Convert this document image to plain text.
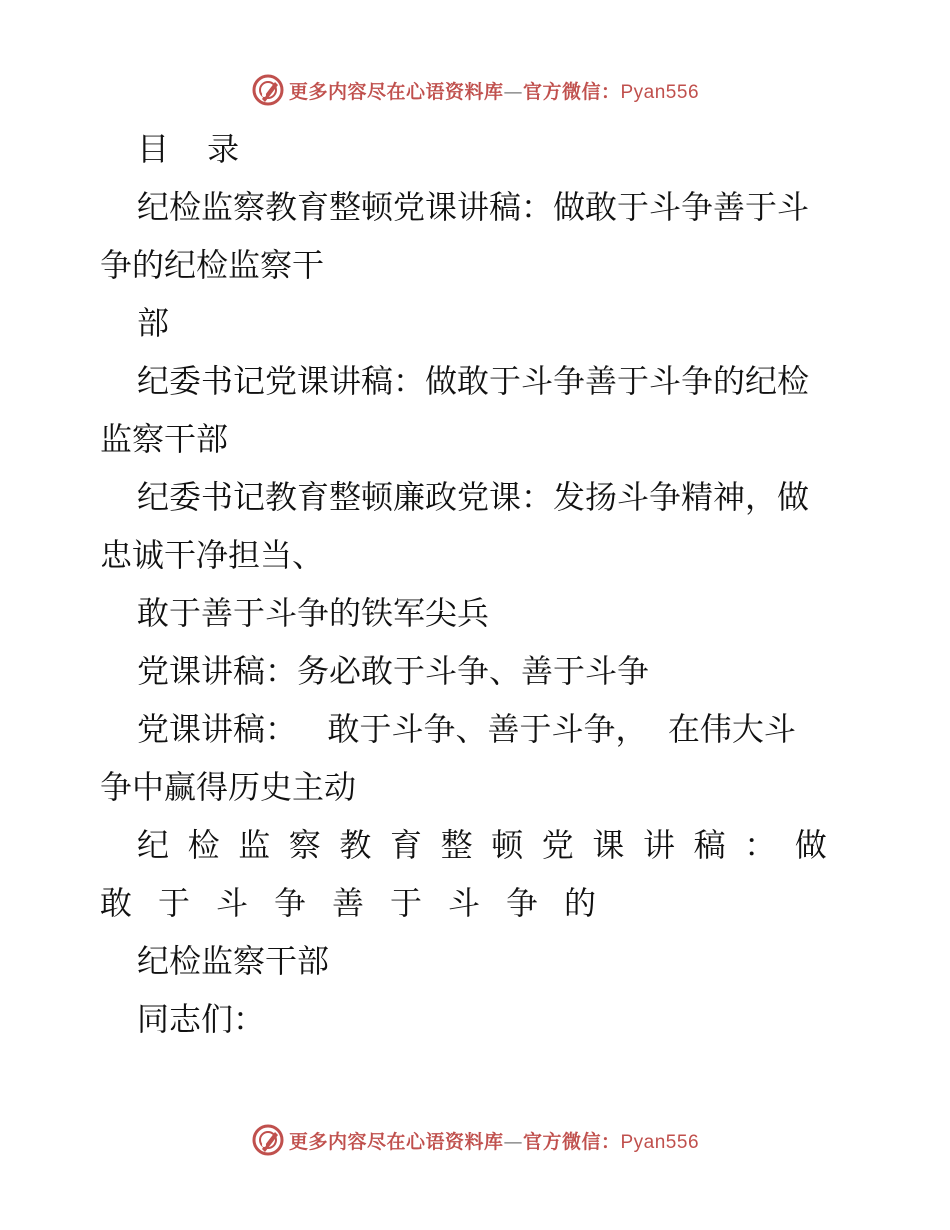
更多内容尽在心语资料库—官方微信：Pyan556
目 录
纪检监察教育整顿党课讲稿：做敢于斗争善于斗
争的纪检监察干
部
纪委书记党课讲稿：做敢于斗争善于斗争的纪检
监察干部
纪委书记教育整顿廉政党课：发扬斗争精神，做
忠诚干净担当、
敢于善于斗争的铁军尖兵
党课讲稿：务必敢于斗争、善于斗争
党课讲稿：   敢于斗争、善于斗争，  在伟大斗
争中赢得历史主动
纪检监察教育整顿党课讲稿：做
敢于斗争善于斗争的
纪检监察干部
同志们：
更多内容尽在心语资料库—官方微信：Pyan556
